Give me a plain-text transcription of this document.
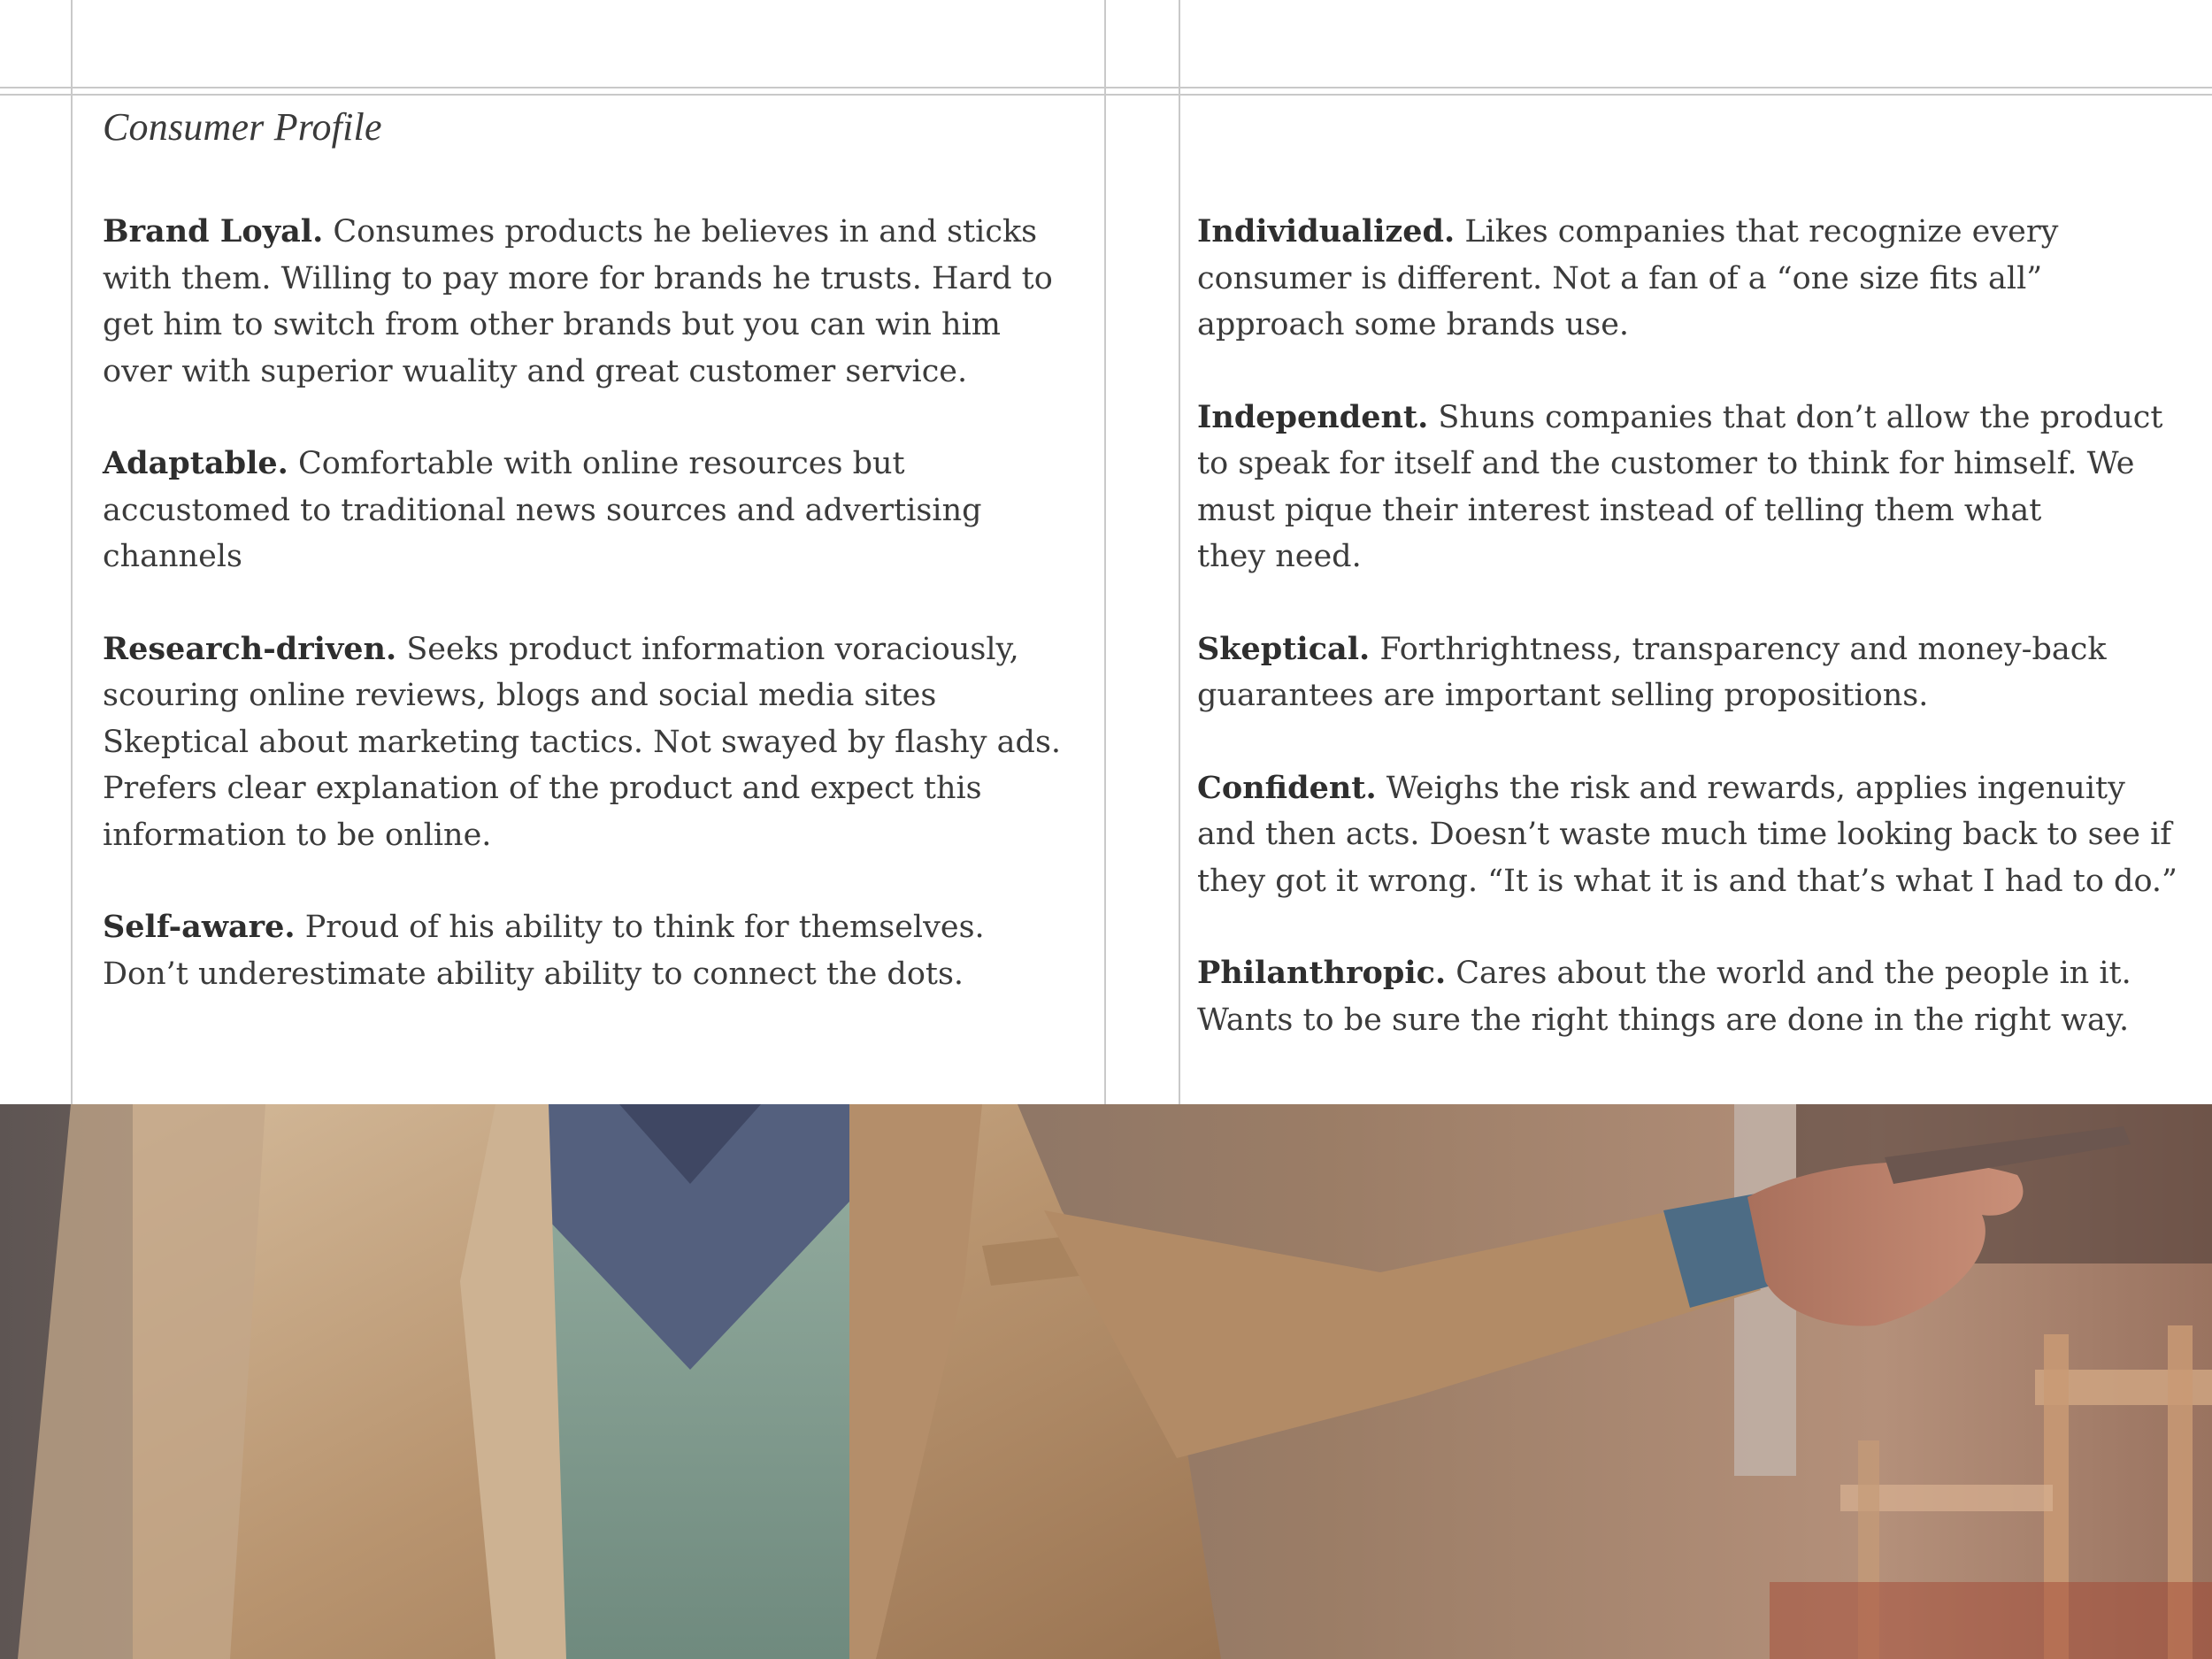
Consumer Profile

Brand Loyal. Consumes products he believes in and sticks
with them. Willing to pay more for brands he trusts. Hard to
get him to switch from other brands but you can win him
over with superior wuality and great customer service.

Adaptable. Comfortable with online resources but
accustomed to traditional news sources and advertising
channels

Research-driven. Seeks product information voraciously,
scouring online reviews, blogs and social media sites
Skeptical about marketing tactics. Not swayed by flashy ads.
Prefers clear explanation of the product and expect this
information to be online.

Self-aware. Proud of his ability to think for themselves.
Don’t underestimate ability ability to connect the dots.

Individualized. Likes companies that recognize every
consumer is different. Not a fan of a “one size fits all”
approach some brands use.

Independent. Shuns companies that don’t allow the product
to speak for itself and the customer to think for himself. We
must pique their interest instead of telling them what
they need.

Skeptical. Forthrightness, transparency and money-back
guarantees are important selling propositions.

Confident. Weighs the risk and rewards, applies ingenuity
and then acts. Doesn’t waste much time looking back to see if
they got it wrong. “It is what it is and that’s what I had to do.”

Philanthropic. Cares about the world and the people in it.
Wants to be sure the right things are done in the right way.
